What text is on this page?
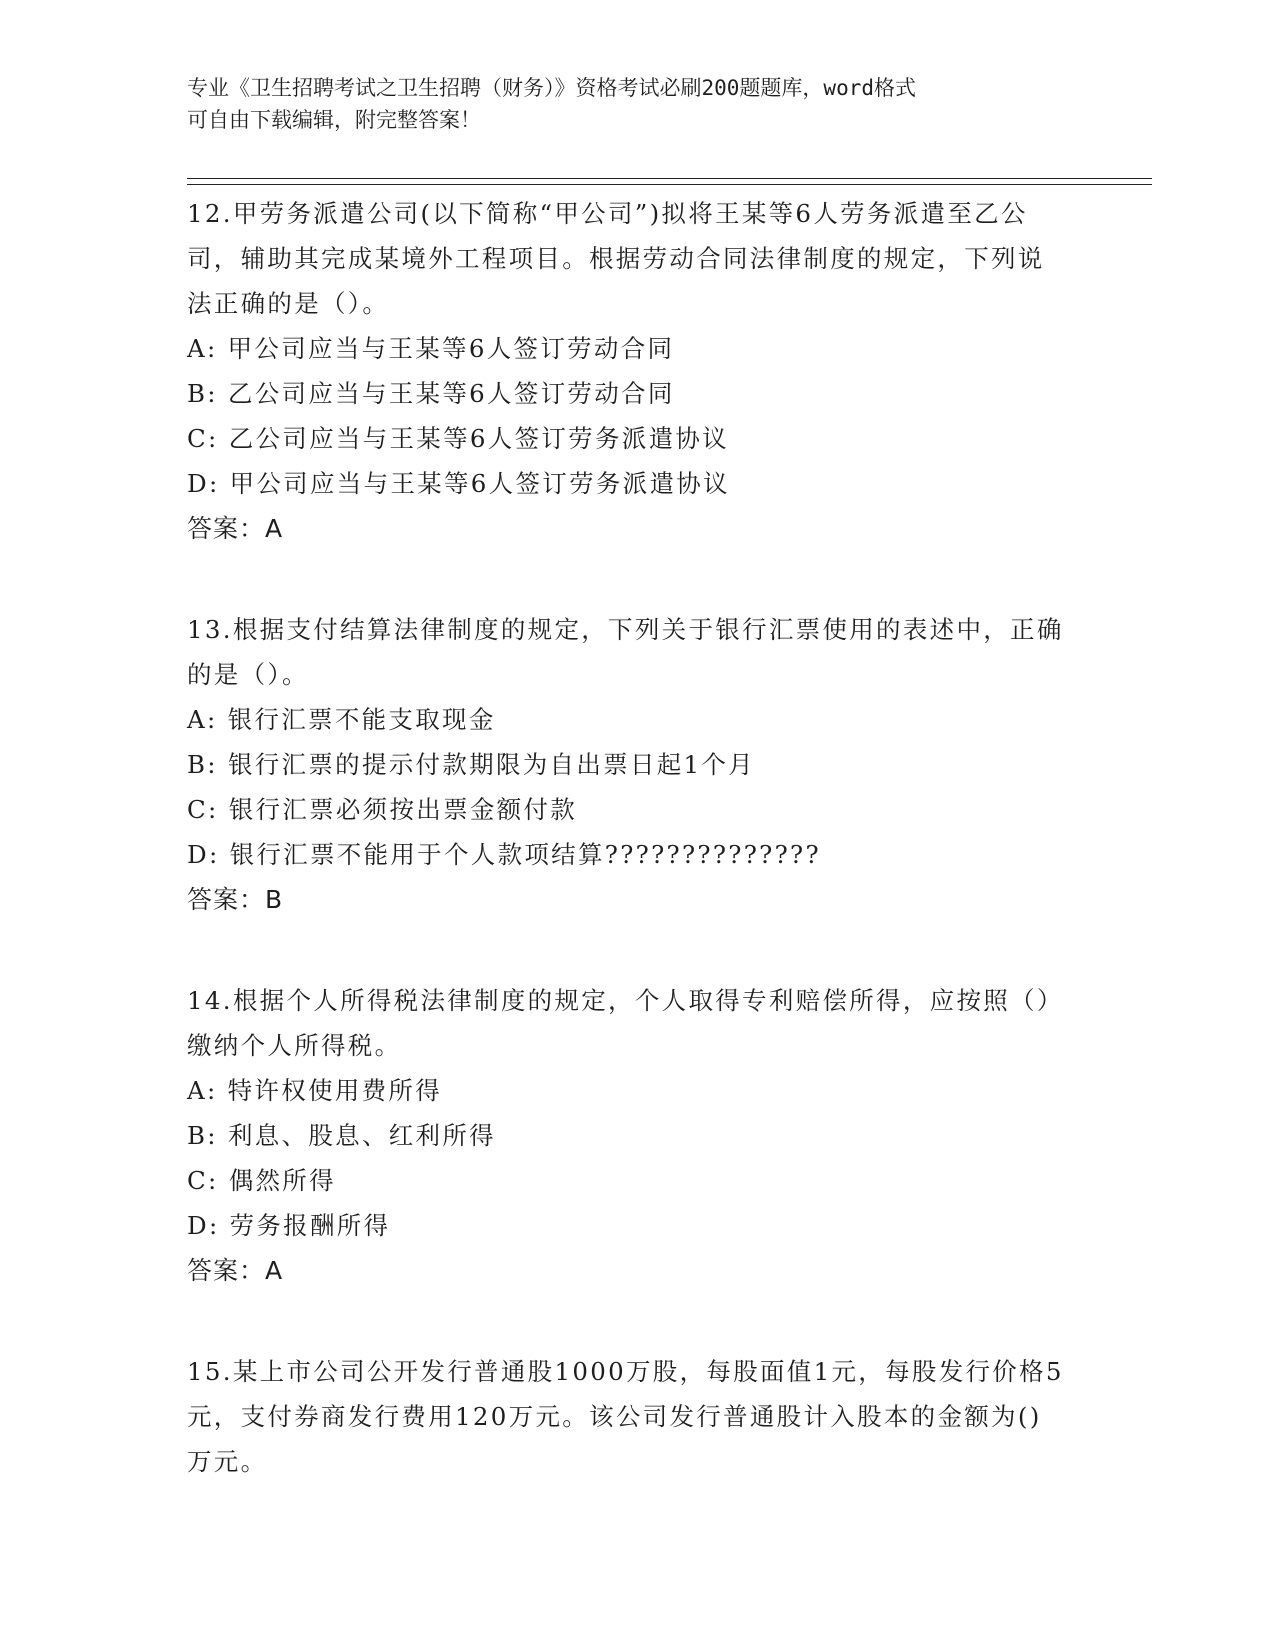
专业《卫生招聘考试之卫生招聘（财务）》资格考试必刷200题题库，word格式
可自由下载编辑，附完整答案！
12.甲劳务派遣公司(以下简称“甲公司”)拟将王某等6人劳务派遣至乙公司，辅助其完成某境外工程项目。根据劳动合同法律制度的规定，下列说法正确的是（）。
A: 甲公司应当与王某等6人签订劳动合同
B: 乙公司应当与王某等6人签订劳动合同
C: 乙公司应当与王某等6人签订劳务派遣协议
D: 甲公司应当与王某等6人签订劳务派遣协议
答案：A
13.根据支付结算法律制度的规定，下列关于银行汇票使用的表述中，正确的是（）。
A: 银行汇票不能支取现金
B: 银行汇票的提示付款期限为自出票日起1个月
C: 银行汇票必须按出票金额付款
D: 银行汇票不能用于个人款项结算??????????????
答案：B
14.根据个人所得税法律制度的规定，个人取得专利赔偿所得，应按照（）缴纳个人所得税。
A: 特许权使用费所得
B: 利息、股息、红利所得
C: 偶然所得
D: 劳务报酬所得
答案：A
15.某上市公司公开发行普通股1000万股，每股面值1元，每股发行价格5元，支付券商发行费用120万元。该公司发行普通股计入股本的金额为()万元。
